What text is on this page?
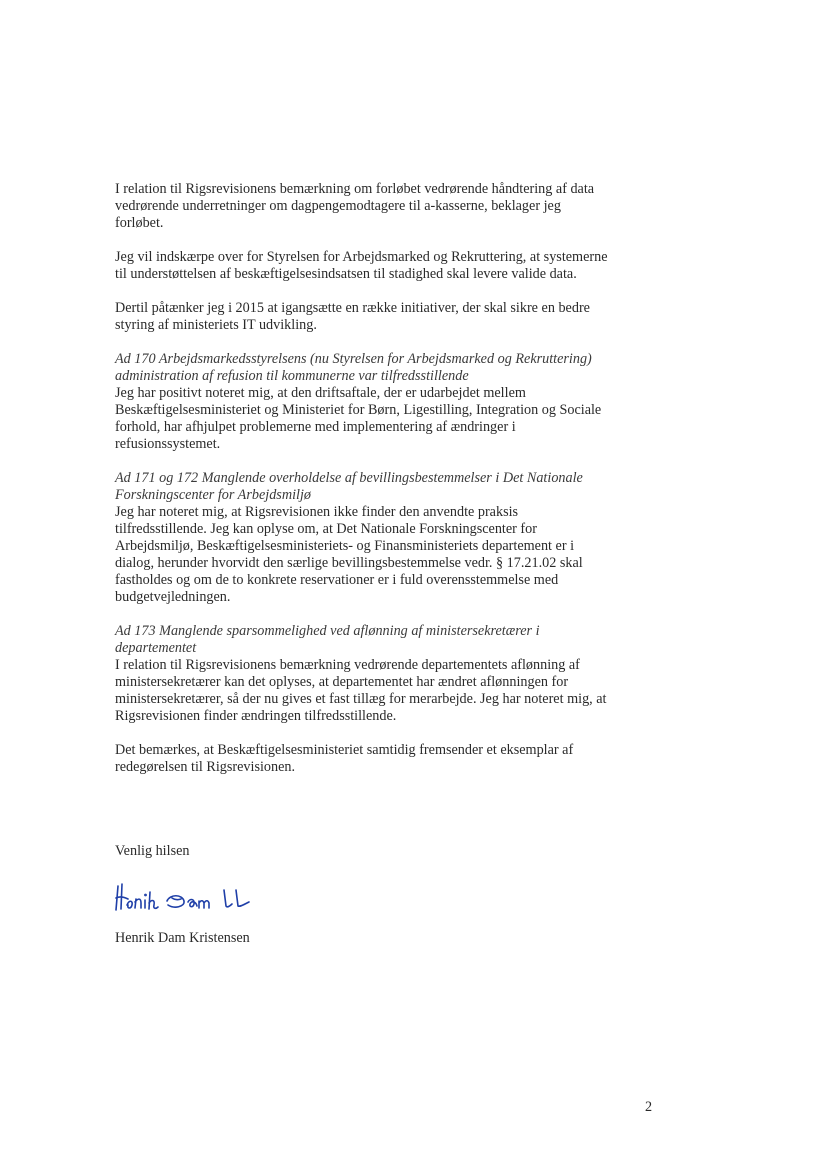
I relation til Rigsrevisionens bemærkning om forløbet vedrørende håndtering af data vedrørende underretninger om dagpengemodtagere til a-kasserne, beklager jeg forløbet.

Jeg vil indskærpe over for Styrelsen for Arbejdsmarked og Rekruttering, at systemerne til understøttelsen af beskæftigelsesindsatsen til stadighed skal levere valide data.

Dertil påtænker jeg i 2015 at igangsætte en række initiativer, der skal sikre en bedre styring af ministeriets IT udvikling.

Ad 170 Arbejdsmarkedsstyrelsens (nu Styrelsen for Arbejdsmarked og Rekruttering) administration af refusion til kommunerne var tilfredsstillende

Jeg har positivt noteret mig, at den driftsaftale, der er udarbejdet mellem Beskæftigelsesministeriet og Ministeriet for Børn, Ligestilling, Integration og Sociale forhold, har afhjulpet problemerne med implementering af ændringer i refusionssystemet.

Ad 171 og 172 Manglende overholdelse af bevillingsbestemmelser i Det Nationale Forskningscenter for Arbejdsmiljø

Jeg har noteret mig, at Rigsrevisionen ikke finder den anvendte praksis tilfredsstillende. Jeg kan oplyse om, at Det Nationale Forskningscenter for Arbejdsmiljø, Beskæftigelsesministeriets- og Finansministeriets departement er i dialog, herunder hvorvidt den særlige bevillingsbestemmelse vedr. § 17.21.02 skal fastholdes og om de to konkrete reservationer er i fuld overensstemmelse med budgetvejledningen.

Ad 173 Manglende sparsommelighed ved aflønning af ministersekretærer i departementet

I relation til Rigsrevisionens bemærkning vedrørende departementets aflønning af ministersekretærer kan det oplyses, at departementet har ændret aflønningen for ministersekretærer, så der nu gives et fast tillæg for merarbejde. Jeg har noteret mig, at Rigsrevisionen finder ændringen tilfredsstillende.

Det bemærkes, at Beskæftigelsesministeriet samtidig fremsender et eksemplar af redegørelsen til Rigsrevisionen.

Venlig hilsen

Henrik Dam Kristensen

2
